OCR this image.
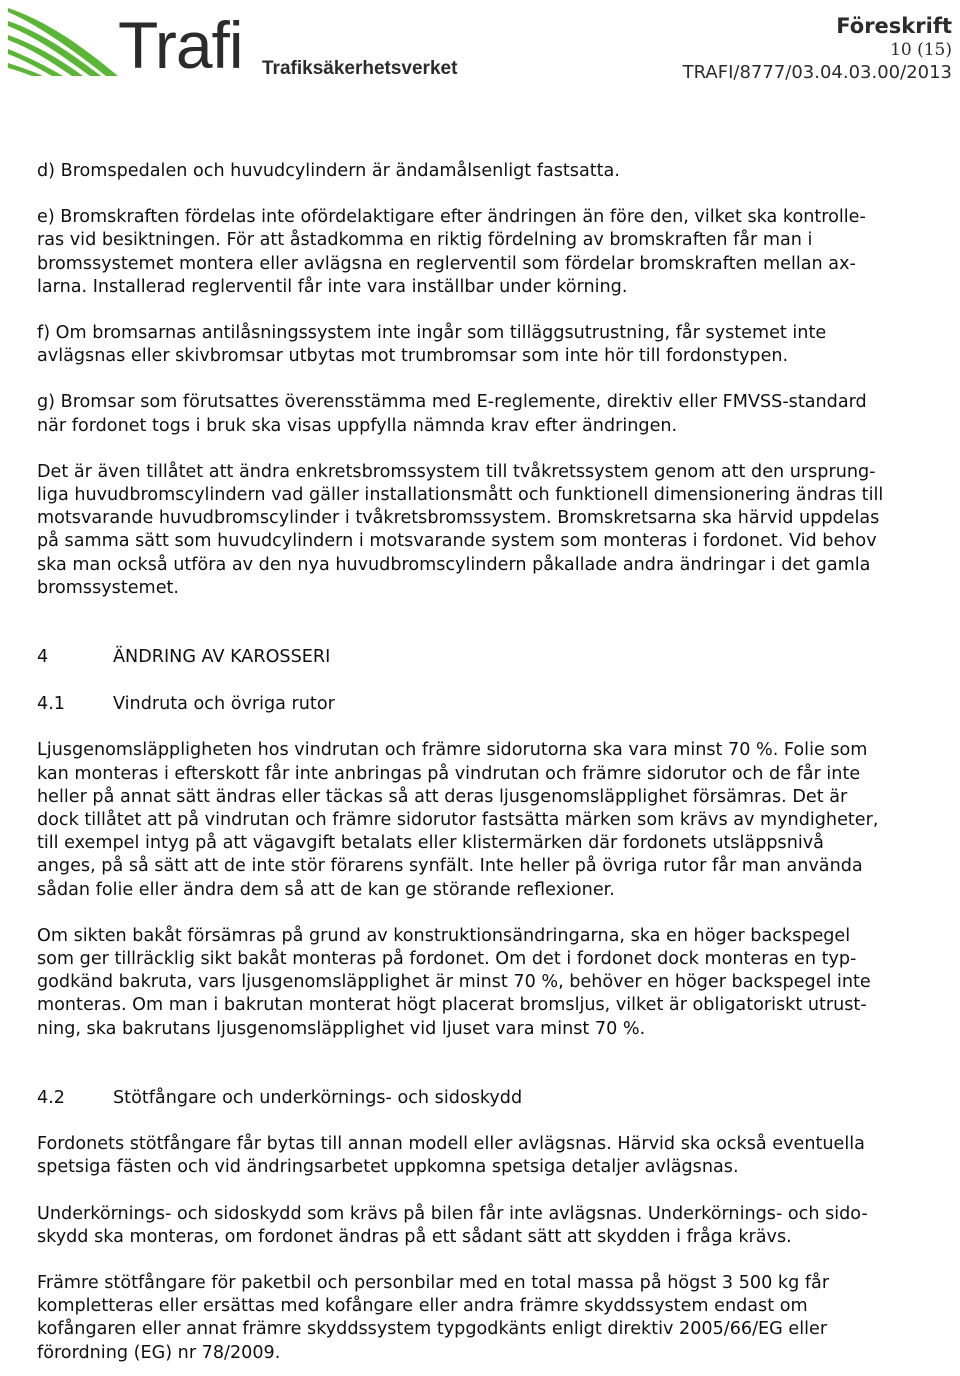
Trafi Trafiksäkerhetsverket
Föreskrift
10 (15)
TRAFI/8777/03.04.03.00/2013

d) Bromspedalen och huvudcylindern är ändamålsenligt fastsatta.

e) Bromskraften fördelas inte ofördelaktigare efter ändringen än före den, vilket ska kontrolle-
ras vid besiktningen. För att åstadkomma en riktig fördelning av bromskraften får man i
bromssystemet montera eller avlägsna en reglerventil som fördelar bromskraften mellan ax-
larna. Installerad reglerventil får inte vara inställbar under körning.

f) Om bromsarnas antilåsningssystem inte ingår som tilläggsutrustning, får systemet inte
avlägsnas eller skivbromsar utbytas mot trumbromsar som inte hör till fordonstypen.

g) Bromsar som förutsattes överensstämma med E-reglemente, direktiv eller FMVSS-standard
när fordonet togs i bruk ska visas uppfylla nämnda krav efter ändringen.

Det är även tillåtet att ändra enkretsbromssystem till tvåkretssystem genom att den ursprung-
liga huvudbromscylindern vad gäller installationsmått och funktionell dimensionering ändras till
motsvarande huvudbromscylinder i tvåkretsbromssystem. Bromskretsarna ska härvid uppdelas
på samma sätt som huvudcylindern i motsvarande system som monteras i fordonet. Vid behov
ska man också utföra av den nya huvudbromscylindern påkallade andra ändringar i det gamla
bromssystemet.

4	ÄNDRING AV KAROSSERI
4.1	Vindruta och övriga rutor

Ljusgenomsläppligheten hos vindrutan och främre sidorutorna ska vara minst 70 %. Folie som
kan monteras i efterskott får inte anbringas på vindrutan och främre sidorutor och de får inte
heller på annat sätt ändras eller täckas så att deras ljusgenomsläpplighet försämras. Det är
dock tillåtet att på vindrutan och främre sidorutor fastsätta märken som krävs av myndigheter,
till exempel intyg på att vägavgift betalats eller klistermärken där fordonets utsläppsnivå
anges, på så sätt att de inte stör förarens synfält. Inte heller på övriga rutor får man använda
sådan folie eller ändra dem så att de kan ge störande reflexioner.

Om sikten bakåt försämras på grund av konstruktionsändringarna, ska en höger backspegel
som ger tillräcklig sikt bakåt monteras på fordonet. Om det i fordonet dock monteras en typ-
godkänd bakruta, vars ljusgenomsläpplighet är minst 70 %, behöver en höger backspegel inte
monteras. Om man i bakrutan monterat högt placerat bromsljus, vilket är obligatoriskt utrust-
ning, ska bakrutans ljusgenomsläpplighet vid ljuset vara minst 70 %.

4.2	Stötfångare och underkörnings- och sidoskydd

Fordonets stötfångare får bytas till annan modell eller avlägsnas. Härvid ska också eventuella
spetsiga fästen och vid ändringsarbetet uppkomna spetsiga detaljer avlägsnas.

Underkörnings- och sidoskydd som krävs på bilen får inte avlägsnas. Underkörnings- och sido-
skydd ska monteras, om fordonet ändras på ett sådant sätt att skydden i fråga krävs.

Främre stötfångare för paketbil och personbilar med en total massa på högst 3 500 kg får
kompletteras eller ersättas med kofångare eller andra främre skyddssystem endast om
kofångaren eller annat främre skyddssystem typgodkänts enligt direktiv 2005/66/EG eller
förordning (EG) nr 78/2009.
